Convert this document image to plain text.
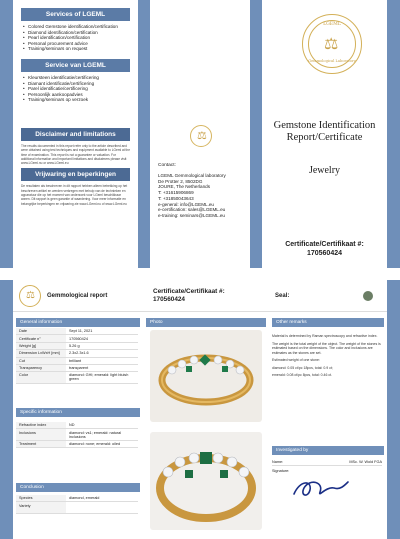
Services of LGEML
• Colored Gemstone identification/certification
• Diamond identification/certification
• Pearl identification/certification
• Personal procurement advice
• Training/seminars on request
Service van LGEML
• Kleursteen identificatie/certificering
• Diamant identificatie/certificering
• Parel identificatie/certificering
• Persoonlijk aankoopadvies
• Training/seminars op verzoek
Disclaimer and limitations
The results documented in this report refer only to the article described and were obtained using test techniques and equipment available to LGeml at the time of examination. This report is not a guarantee or valuation. For additional information and important limitations and disclaimers please visit www.LGeml.nu or www.LGeml.eu
Vrijwaring en beperkingen
De resultaten als beschreven in dit rapport hebben alleen betrekking op het beschreven artikel en werden verkregen met behulp van de technieken en apparatuur die op het moment van onderzoek voor LGeml beschikbaar waren. Dit rapport is geen garantie of waardering. Voor meer informatie en belangrijke beperkingen en vrijwaring zie www.LGeml.nu of www.LGeml.eu
⚖
Contact:
LGEML Gemmological laboratory
De Protter 2, 8502DG
JOURE, The Netherlands
T: +31615906869
T: +31850043643
e-general: info@LGEML.eu
e-certification: sales@LGEML.eu
e-training: seminars@LGEML.eu
LGEML
⚖
Gemmological Laboratory
Gemstone Identification Report/Certificate
Jewelry
Certificate/Certifikaat #:
170560424
⚖ Gemmological report
Certificate/Certifikaat #:
170560424	Seal:
General information
Date	Sept 11, 2021
Certificate n°	170560424
Weight [g]	5.26 g
Dimension LxWxH [mm]	2.3x2.3x1.6
Cut	brilliant
Transparency	transparent
Color	diamond: GHI; emerald: light bluish green
Specific information
Refractive index	ND
Inclusions	diamond: vs1; emerald: natural inclusions
Treatment	diamond: none; emerald: oiled
Conclusion
Species	diamond, emerald
Variety	
Photo	Other remarks

Material is determined by Raman spectroscopy and refractive index.

The weight is the total weight of the object. The weight of the stones is estimated based on the dimensions. The color and inclusions are estimates as the stones are set.

Estimated weight of one stone:

diamond: 0.05 ct/pc 18pcs, total: 0.9 ct;

emerald: 0.08 ct/pc 8pcs, total: 0.46 ct.

Investigated by
Name:	MSc. W. Wold FGA
Signature:
